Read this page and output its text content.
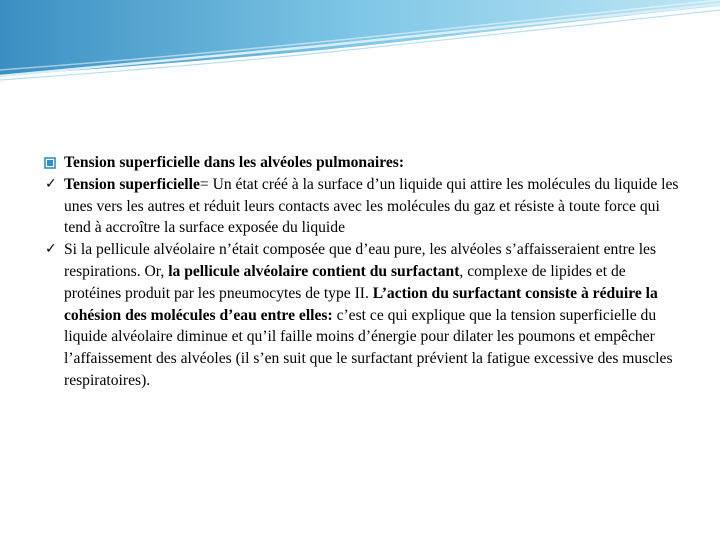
Tension superficielle dans les alvéoles pulmonaires:
✓ Tension superficielle= Un état créé à la surface d’un liquide qui attire les molécules du liquide les unes vers les autres et réduit leurs contacts avec les molécules du gaz et résiste à toute force qui tend à accroître la surface exposée du liquide
✓ Si la pellicule alvéolaire n’était composée que d’eau pure, les alvéoles s’affaisseraient entre les respirations. Or, la pellicule alvéolaire contient du surfactant, complexe de lipides et de protéines produit par les pneumocytes de type II. L’action du surfactant consiste à réduire la cohésion des molécules d’eau entre elles: c’est ce qui explique que la tension superficielle du liquide alvéolaire diminue et qu’il faille moins d’énergie pour dilater les poumons et empêcher l’affaissement des alvéoles (il s’en suit que le surfactant prévient la fatigue excessive des muscles respiratoires).
